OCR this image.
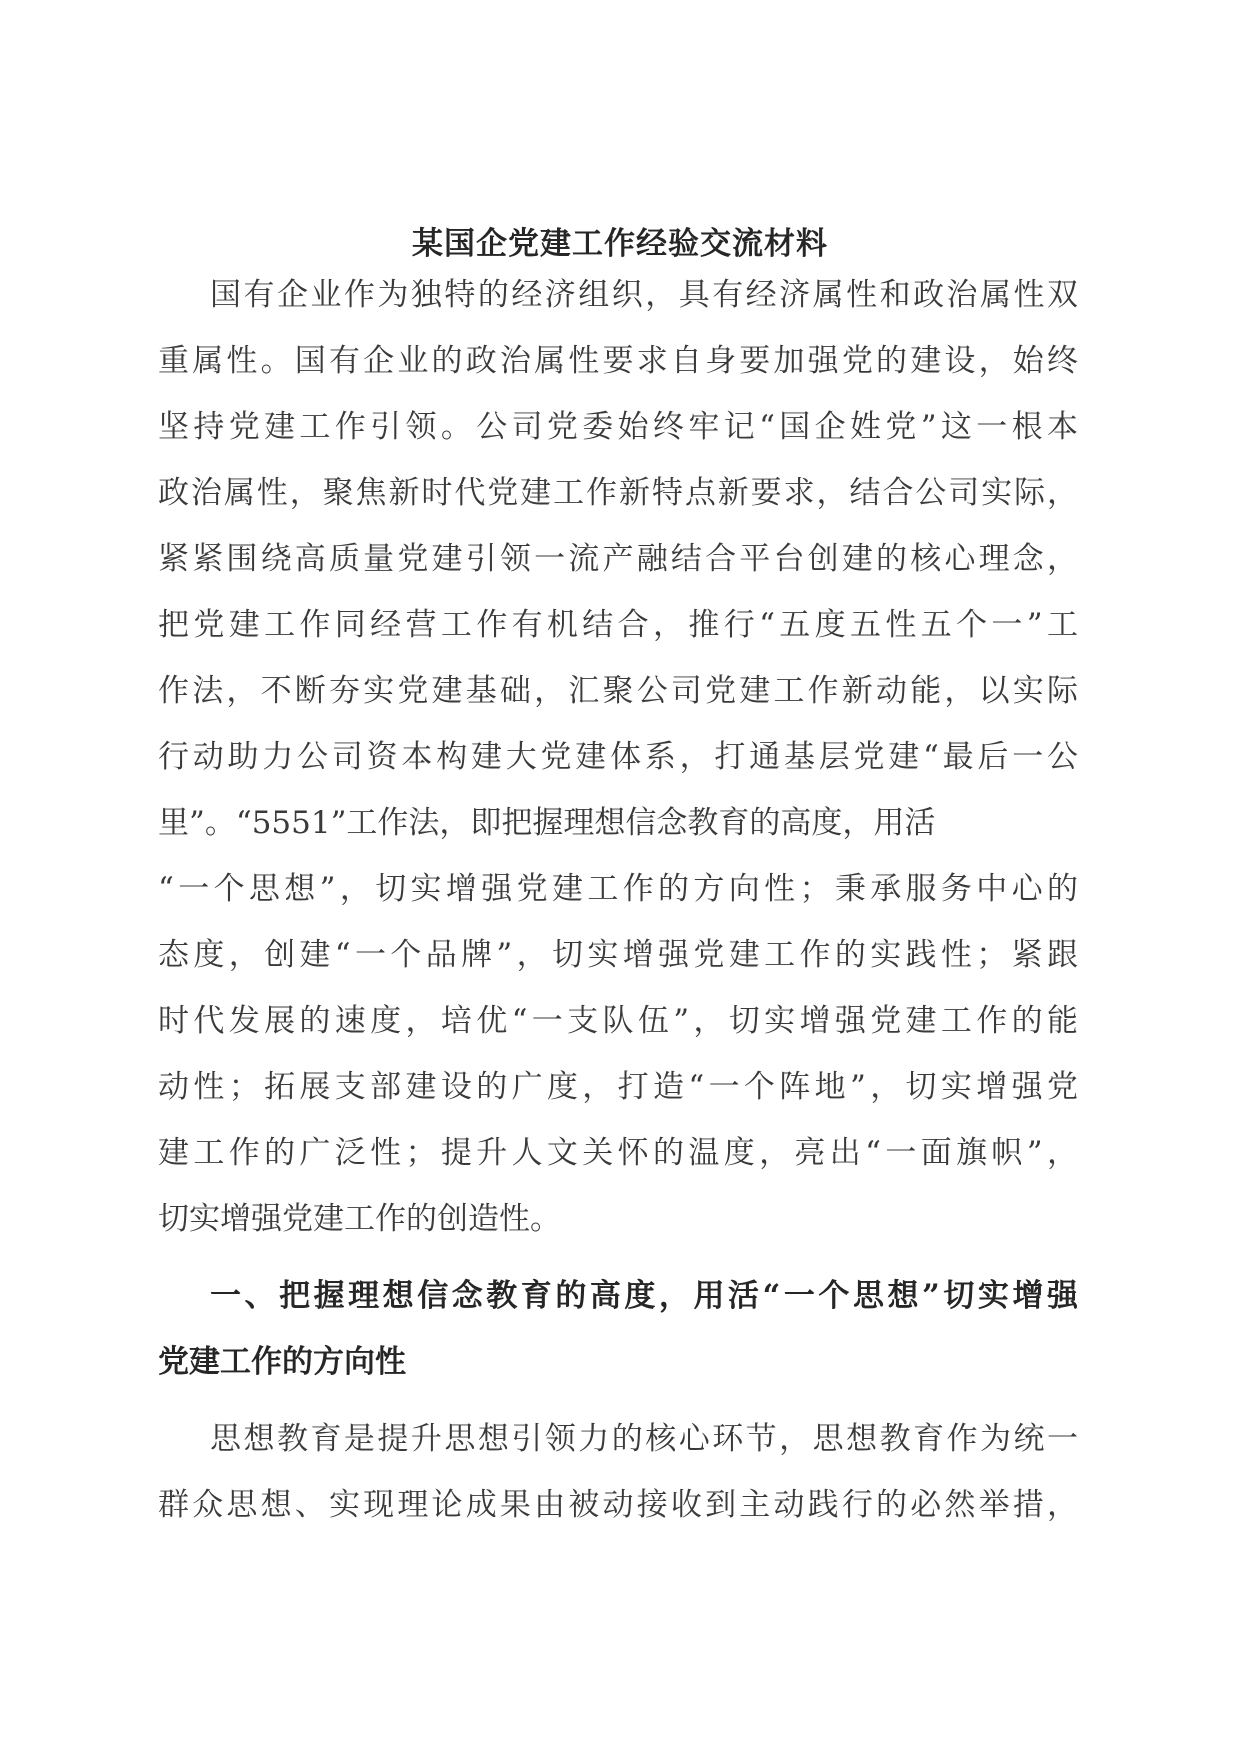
某国企党建工作经验交流材料
国有企业作为独特的经济组织，具有经济属性和政治属性双
重属性。国有企业的政治属性要求自身要加强党的建设，始终
坚持党建工作引领。公司党委始终牢记“国企姓党”这一根本
政治属性，聚焦新时代党建工作新特点新要求，结合公司实际，
紧紧围绕高质量党建引领一流产融结合平台创建的核心理念，
把党建工作同经营工作有机结合，推行“五度五性五个一”工
作法，不断夯实党建基础，汇聚公司党建工作新动能，以实际
行动助力公司资本构建大党建体系，打通基层党建“最后一公
里”。“5551”工作法，即把握理想信念教育的高度，用活
“一个思想”，切实增强党建工作的方向性；秉承服务中心的
态度，创建“一个品牌”，切实增强党建工作的实践性；紧跟
时代发展的速度，培优“一支队伍”，切实增强党建工作的能
动性；拓展支部建设的广度，打造“一个阵地”，切实增强党
建工作的广泛性；提升人文关怀的温度，亮出“一面旗帜”，
切实增强党建工作的创造性。
一、把握理想信念教育的高度，用活“一个思想”切实增强
党建工作的方向性
思想教育是提升思想引领力的核心环节，思想教育作为统一
群众思想、实现理论成果由被动接收到主动践行的必然举措，
